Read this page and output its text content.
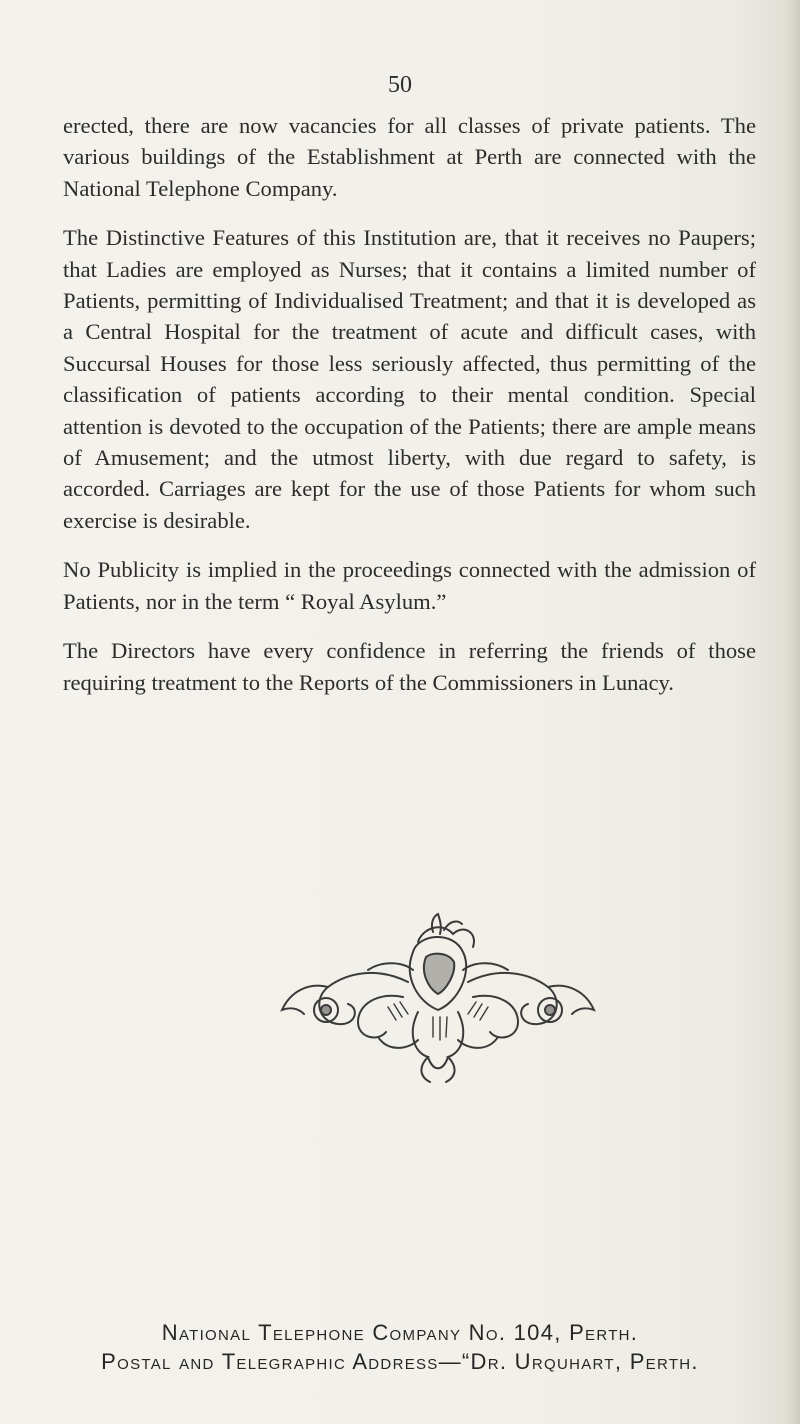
50

erected, there are now vacancies for all classes of private patients. The various buildings of the Establishment at Perth are connected with the National Telephone Company.

The Distinctive Features of this Institution are, that it receives no Paupers; that Ladies are employed as Nurses; that it contains a limited number of Patients, permitting of Individualised Treatment; and that it is developed as a Central Hospital for the treatment of acute and difficult cases, with Succursal Houses for those less seriously affected, thus permitting of the classification of patients according to their mental condition. Special attention is devoted to the occupation of the Patients; there are ample means of Amusement; and the utmost liberty, with due regard to safety, is accorded. Carriages are kept for the use of those Patients for whom such exercise is desirable.

No Publicity is implied in the proceedings connected with the admission of Patients, nor in the term “ Royal Asylum.”

The Directors have every confidence in referring the friends of those requiring treatment to the Reports of the Commissioners in Lunacy.

National Telephone Company No. 104, Perth.
Postal and Telegraphic Address—“Dr. Urquhart, Perth.
